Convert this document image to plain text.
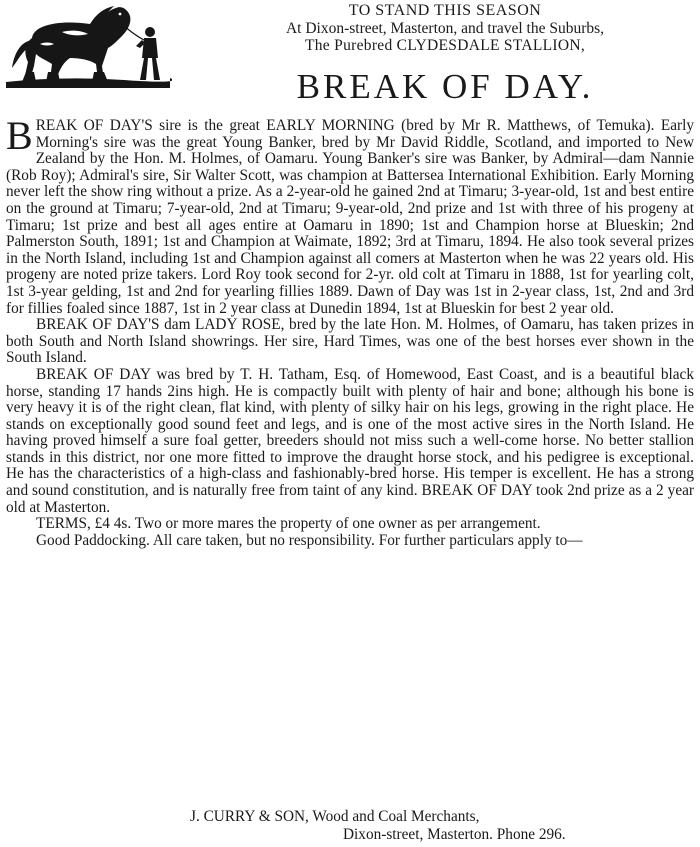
TO STAND THIS SEASON
At Dixon-street, Masterton, and travel the Suburbs,
The Purebred CLYDESDALE STALLION,
BREAK OF DAY.

BREAK OF DAY'S sire is the great EARLY MORNING (bred by Mr R. Matthews, of Temuka). Early Morning's sire was the great Young Banker, bred by Mr David Riddle, Scotland, and imported to New Zealand by the Hon. M. Holmes, of Oamaru. Young Banker's sire was Banker, by Admiral—dam Nannie (Rob Roy); Admiral's sire, Sir Walter Scott, was champion at Battersea International Exhibition. Early Morning never left the show ring without a prize. As a 2-year-old he gained 2nd at Timaru; 3-year-old, 1st and best entire on the ground at Timaru; 7-year-old, 2nd at Timaru; 9-year-old, 2nd prize and 1st with three of his progeny at Timaru; 1st prize and best all ages entire at Oamaru in 1890; 1st and Champion horse at Blueskin; 2nd Palmerston South, 1891; 1st and Champion at Waimate, 1892; 3rd at Timaru, 1894. He also took several prizes in the North Island, including 1st and Champion against all comers at Masterton when he was 22 years old. His progeny are noted prize takers. Lord Roy took second for 2-yr. old colt at Timaru in 1888, 1st for yearling colt, 1st 3-year gelding, 1st and 2nd for yearling fillies 1889. Dawn of Day was 1st in 2-year class, 1st, 2nd and 3rd for fillies foaled since 1887, 1st in 2 year class at Dunedin 1894, 1st at Blueskin for best 2 year old.

BREAK OF DAY'S dam LADY ROSE, bred by the late Hon. M. Holmes, of Oamaru, has taken prizes in both South and North Island showrings. Her sire, Hard Times, was one of the best horses ever shown in the South Island.

BREAK OF DAY was bred by T. H. Tatham, Esq. of Homewood, East Coast, and is a beautiful black horse, standing 17 hands 2ins high. He is compactly built with plenty of hair and bone; although his bone is very heavy it is of the right clean, flat kind, with plenty of silky hair on his legs, growing in the right place. He stands on exceptionally good sound feet and legs, and is one of the most active sires in the North Island. He having proved himself a sure foal getter, breeders should not miss such a well-come horse. No better stallion stands in this district, nor one more fitted to improve the draught horse stock, and his pedigree is exceptional. He has the characteristics of a high-class and fashionably-bred horse. His temper is excellent. He has a strong and sound constitution, and is naturally free from taint of any kind. BREAK OF DAY took 2nd prize as a 2 year old at Masterton.

TERMS, £4 4s. Two or more mares the property of one owner as per arrangement.

Good Paddocking. All care taken, but no responsibility. For further particulars apply to—

J. CURRY & SON, Wood and Coal Merchants,
Dixon-street, Masterton. Phone 296.
